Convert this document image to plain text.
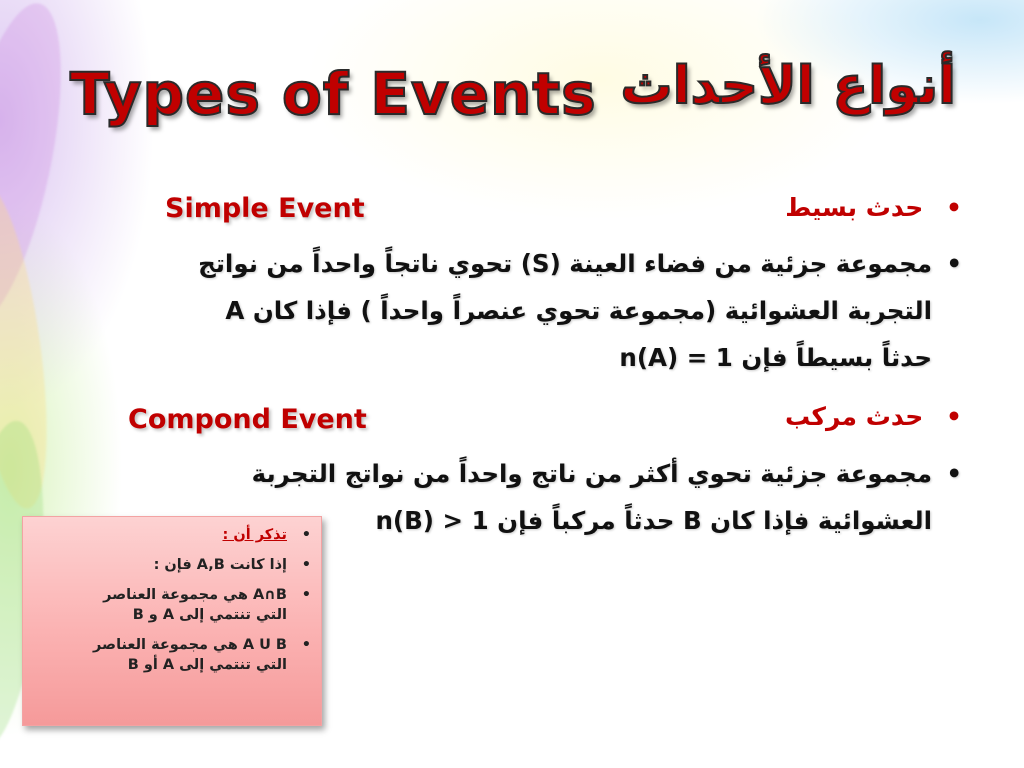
Types of Events أنواع الأحداث
• حدث بسيط
Simple Event
•مجموعة جزئية من فضاء العينة (S) تحوي ناتجاً واحداً من نواتج
التجربة العشوائية (مجموعة تحوي عنصراً واحداً ) فإذا كان A
حدثاً بسيطاً فإن n(A) = 1
• حدث مركب
Compond Event
•مجموعة جزئية تحوي أكثر من ناتج واحداً من نواتج التجربة
العشوائية فإذا كان B حدثاً مركباً فإن n(B) > 1
•
تذكر أن :
•
إذا كانت A,B فإن :
•
A∩B هي مجموعة العناصر
التي تنتمي إلى A و B
•
A U B هي مجموعة العناصر
التي تنتمي إلى A أو B
